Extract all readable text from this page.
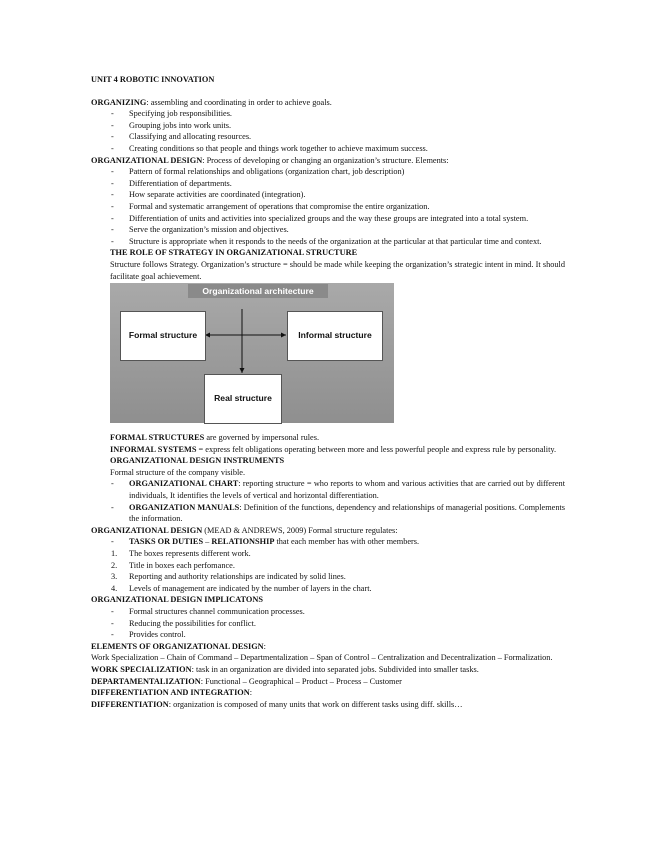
UNIT 4 ROBOTIC INNOVATION

ORGANIZING: assembling and coordinating in order to achieve goals.

- Specifying job responsibilities.
- Grouping jobs into work units.
- Classifying and allocating resources.
- Creating conditions so that people and things work together to achieve maximum success.

ORGANIZATIONAL DESIGN: Process of developing or changing an organization’s structure. Elements:

- Pattern of formal relationships and obligations (organization chart, job description)
- Differentiation of departments.
- How separate activities are coordinated (integration).
- Formal and systematic arrangement of operations that compromise the entire organization.
- Differentiation of units and activities into specialized groups and the way these groups are integrated into a total system.
- Serve the organization’s mission and objectives.
- Structure is appropriate when it responds to the needs of the organization at the particular at that particular time and context.

THE ROLE OF STRATEGY IN ORGANIZATIONAL STRUCTURE

Structure follows Strategy. Organization’s structure = should be made while keeping the organization’s strategic intent in mind. It should facilitate goal achievement.

Organizational architecture
Formal structure	Informal structure
Real structure

FORMAL STRUCTURES are governed by impersonal rules.

INFORMAL SYSTEMS = express felt obligations operating between more and less powerful people and express rule by personality.

ORGANIZATIONAL DESIGN INSTRUMENTS

Formal structure of the company visible.

- ORGANIZATIONAL CHART: reporting structure = who reports to whom and various activities that are carried out by different individuals, It identifies the levels of vertical and horizontal differentiation.
- ORGANIZATION MANUALS: Definition of the functions, dependency and relationships of managerial positions. Complements the information.

ORGANIZATIONAL DESIGN (MEAD & ANDREWS, 2009) Formal structure regulates:

- TASKS OR DUTIES – RELATIONSHIP that each member has with other members.
1. The boxes represents different work.
2. Title in boxes each perfomance.
3. Reporting and authority relationships are indicated by solid lines.
4. Levels of management are indicated by the number of layers in the chart.

ORGANIZATIONAL DESIGN IMPLICATONS

- Formal structures channel communication processes.
- Reducing the possibilities for conflict.
- Provides control.

ELEMENTS OF ORGANIZATIONAL DESIGN:

Work Specialization – Chain of Command – Departmentalization – Span of Control – Centralization and Decentralization – Formalization.

WORK SPECIALIZATION: task in an organization are divided into separated jobs. Subdivided into smaller tasks.

DEPARTAMENTALIZATION: Functional – Geographical – Product – Process – Customer

DIFFERENTIATION AND INTEGRATION:

DIFFERENTIATION: organization is composed of many units that work on different tasks using diff. skills…
